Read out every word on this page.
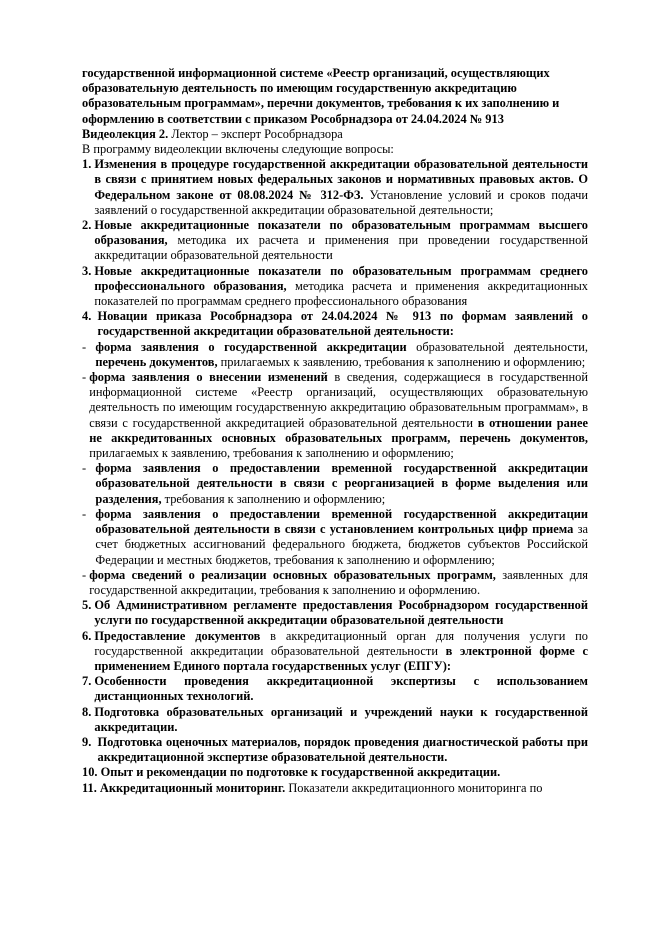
государственной информационной системе «Реестр организаций, осуществляющих образовательную деятельность по имеющим государственную аккредитацию образовательным программам», перечни документов, требования к их заполнению и оформлению в соответствии с приказом Рособрнадзора от 24.04.2024 № 913

Видеолекция 2. Лектор – эксперт Рособрнадзора

В программу видеолекции включены следующие вопросы:

1. Изменения в процедуре государственной аккредитации образовательной деятельности в связи с принятием новых федеральных законов и нормативных правовых актов. О Федеральном законе от 08.08.2024 № 312-ФЗ. Установление условий и сроков подачи заявлений о государственной аккредитации образовательной деятельности;
2. Новые аккредитационные показатели по образовательным программам высшего образования, методика их расчета и применения при проведении государственной аккредитации образовательной деятельности
3. Новые аккредитационные показатели по образовательным программам среднего профессионального образования, методика расчета и применения аккредитационных показателей по программам среднего профессионального образования
4. Новации приказа Рособрнадзора от 24.04.2024 № 913 по формам заявлений о государственной аккредитации образовательной деятельности:
- форма заявления о государственной аккредитации образовательной деятельности, перечень документов, прилагаемых к заявлению, требования к заполнению и оформлению;
- форма заявления о внесении изменений в сведения, содержащиеся в государственной информационной системе «Реестр организаций, осуществляющих образовательную деятельность по имеющим государственную аккредитацию образовательным программам», в связи с государственной аккредитацией образовательной деятельности в отношении ранее не аккредитованных основных образовательных программ, перечень документов, прилагаемых к заявлению, требования к заполнению и оформлению;
- форма заявления о предоставлении временной государственной аккредитации образовательной деятельности в связи с реорганизацией в форме выделения или разделения, требования к заполнению и оформлению;
- форма заявления о предоставлении временной государственной аккредитации образовательной деятельности в связи с установлением контрольных цифр приема за счет бюджетных ассигнований федерального бюджета, бюджетов субъектов Российской Федерации и местных бюджетов, требования к заполнению и оформлению;
- форма сведений о реализации основных образовательных программ, заявленных для государственной аккредитации, требования к заполнению и оформлению.
5. Об Административном регламенте предоставления Рособрнадзором государственной услуги по государственной аккредитации образовательной деятельности
6. Предоставление документов в аккредитационный орган для получения услуги по государственной аккредитации образовательной деятельности в электронной форме с применением Единого портала государственных услуг (ЕПГУ):
7. Особенности проведения аккредитационной экспертизы с использованием дистанционных технологий.
8. Подготовка образовательных организаций и учреждений науки к государственной аккредитации.
9. Подготовка оценочных материалов, порядок проведения диагностической работы при аккредитационной экспертизе образовательной деятельности.
10. Опыт и рекомендации по подготовке к государственной аккредитации.
11. Аккредитационный мониторинг. Показатели аккредитационного мониторинга по
